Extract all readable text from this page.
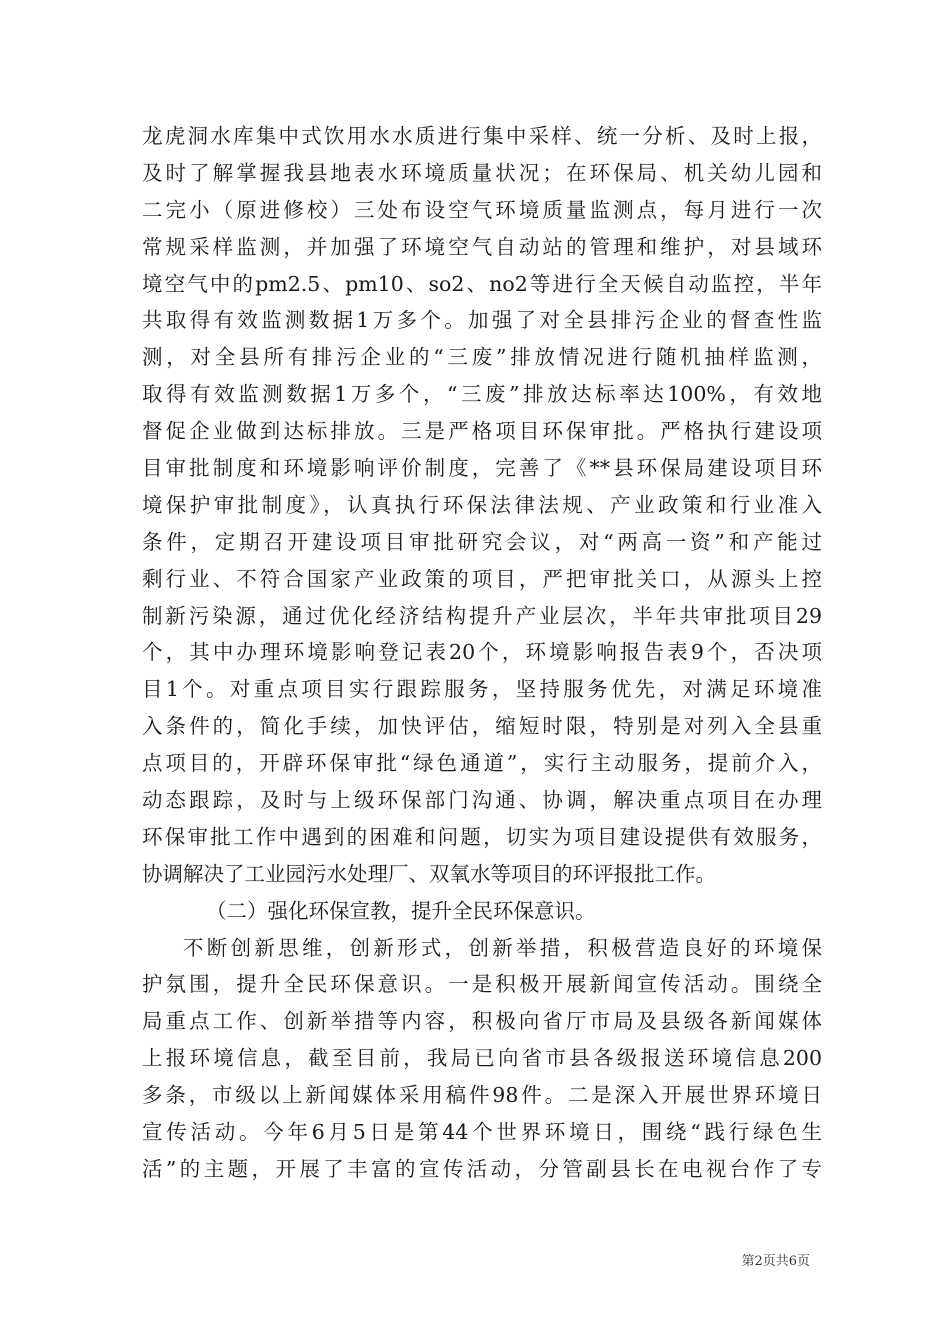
龙虎洞水库集中式饮用水水质进行集中采样、统一分析、及时上报，
及时了解掌握我县地表水环境质量状况；在环保局、机关幼儿园和
二完小（原进修校）三处布设空气环境质量监测点，每月进行一次
常规采样监测，并加强了环境空气自动站的管理和维护，对县域环
境空气中的pm2.5、pm10、so2、no2等进行全天候自动监控，半年
共取得有效监测数据1万多个。加强了对全县排污企业的督查性监
测，对全县所有排污企业的“三废”排放情况进行随机抽样监测，
取得有效监测数据1万多个，“三废”排放达标率达100%，有效地
督促企业做到达标排放。三是严格项目环保审批。严格执行建设项
目审批制度和环境影响评价制度，完善了《**县环保局建设项目环
境保护审批制度》，认真执行环保法律法规、产业政策和行业准入
条件，定期召开建设项目审批研究会议，对“两高一资”和产能过
剩行业、不符合国家产业政策的项目，严把审批关口，从源头上控
制新污染源，通过优化经济结构提升产业层次，半年共审批项目29
个，其中办理环境影响登记表20个，环境影响报告表9个，否决项
目1个。对重点项目实行跟踪服务，坚持服务优先，对满足环境准
入条件的，简化手续，加快评估，缩短时限，特别是对列入全县重
点项目的，开辟环保审批“绿色通道”，实行主动服务，提前介入，
动态跟踪，及时与上级环保部门沟通、协调，解决重点项目在办理
环保审批工作中遇到的困难和问题，切实为项目建设提供有效服务，
协调解决了工业园污水处理厂、双氧水等项目的环评报批工作。
（二）强化环保宣教，提升全民环保意识。
不断创新思维，创新形式，创新举措，积极营造良好的环境保
护氛围，提升全民环保意识。一是积极开展新闻宣传活动。围绕全
局重点工作、创新举措等内容，积极向省厅市局及县级各新闻媒体
上报环境信息，截至目前，我局已向省市县各级报送环境信息200
多条，市级以上新闻媒体采用稿件98件。二是深入开展世界环境日
宣传活动。今年6月5日是第44个世界环境日，围绕“践行绿色生
活”的主题，开展了丰富的宣传活动，分管副县长在电视台作了专
第2页共6页
